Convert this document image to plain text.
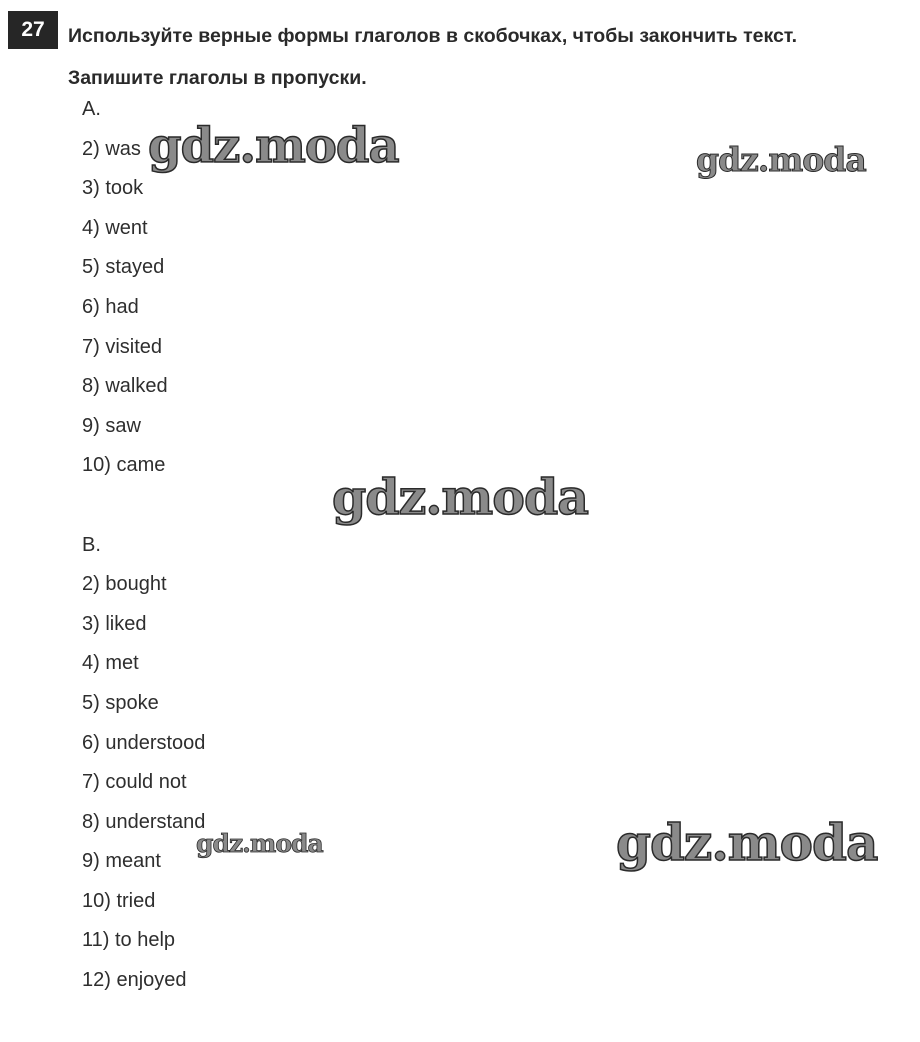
27 Используйте верные формы глаголов в скобочках, чтобы закончить текст.
Запишите глаголы в пропуски.
A.
2) was
3) took
4) went
5) stayed
6) had
7) visited
8) walked
9) saw
10) came
B.
2) bought
3) liked
4) met
5) spoke
6) understood
7) could not
8) understand
9) meant
10) tried
11) to help
12) enjoyed
gdz.moda	gdz.moda
gdz.moda
gdz.moda	gdz.moda
